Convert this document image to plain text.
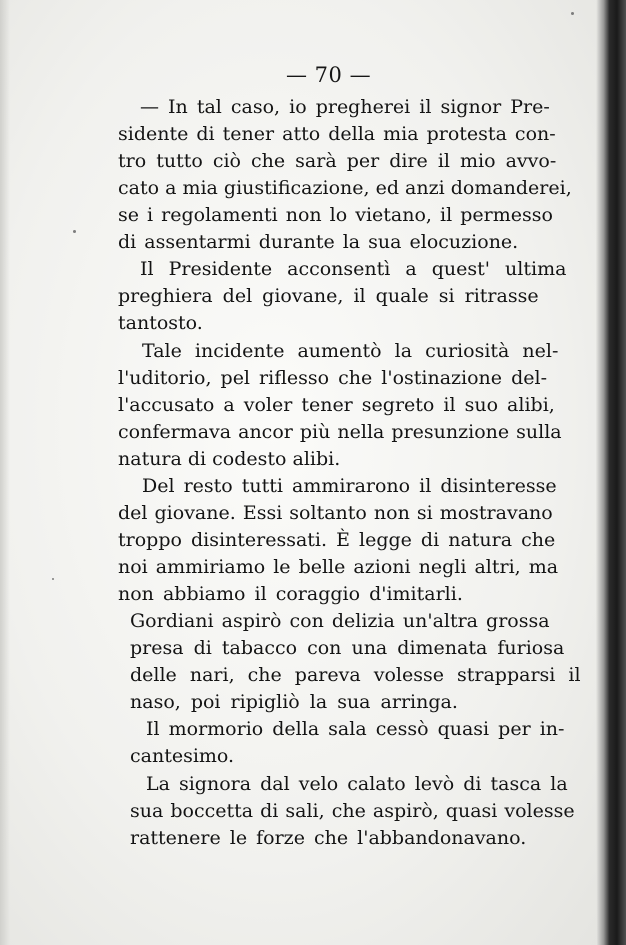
— 70 —
— In tal caso, io pregherei il signor Pre-
sidente di tener atto della mia protesta con-
tro tutto ciò che sarà per dire il mio avvo-
cato a mia giustificazione, ed anzi domanderei,
se i regolamenti non lo vietano, il permesso
di assentarmi durante la sua elocuzione.
Il Presidente acconsentì a quest' ultima
preghiera del giovane, il quale si ritrasse
tantosto.
Tale incidente aumentò la curiosità nel-
l'uditorio, pel riflesso che l'ostinazione del-
l'accusato a voler tener segreto il suo alibi,
confermava ancor più nella presunzione sulla
natura di codesto alibi.
Del resto tutti ammirarono il disinteresse
del giovane. Essi soltanto non si mostravano
troppo disinteressati. È legge di natura che
noi ammiriamo le belle azioni negli altri, ma
non abbiamo il coraggio d'imitarli.
Gordiani aspirò con delizia un'altra grossa
presa di tabacco con una dimenata furiosa
delle nari, che pareva volesse strapparsi il
naso, poi ripigliò la sua arringa.
Il mormorio della sala cessò quasi per in-
cantesimo.
La signora dal velo calato levò di tasca la
sua boccetta di sali, che aspirò, quasi volesse
rattenere le forze che l'abbandonavano.
